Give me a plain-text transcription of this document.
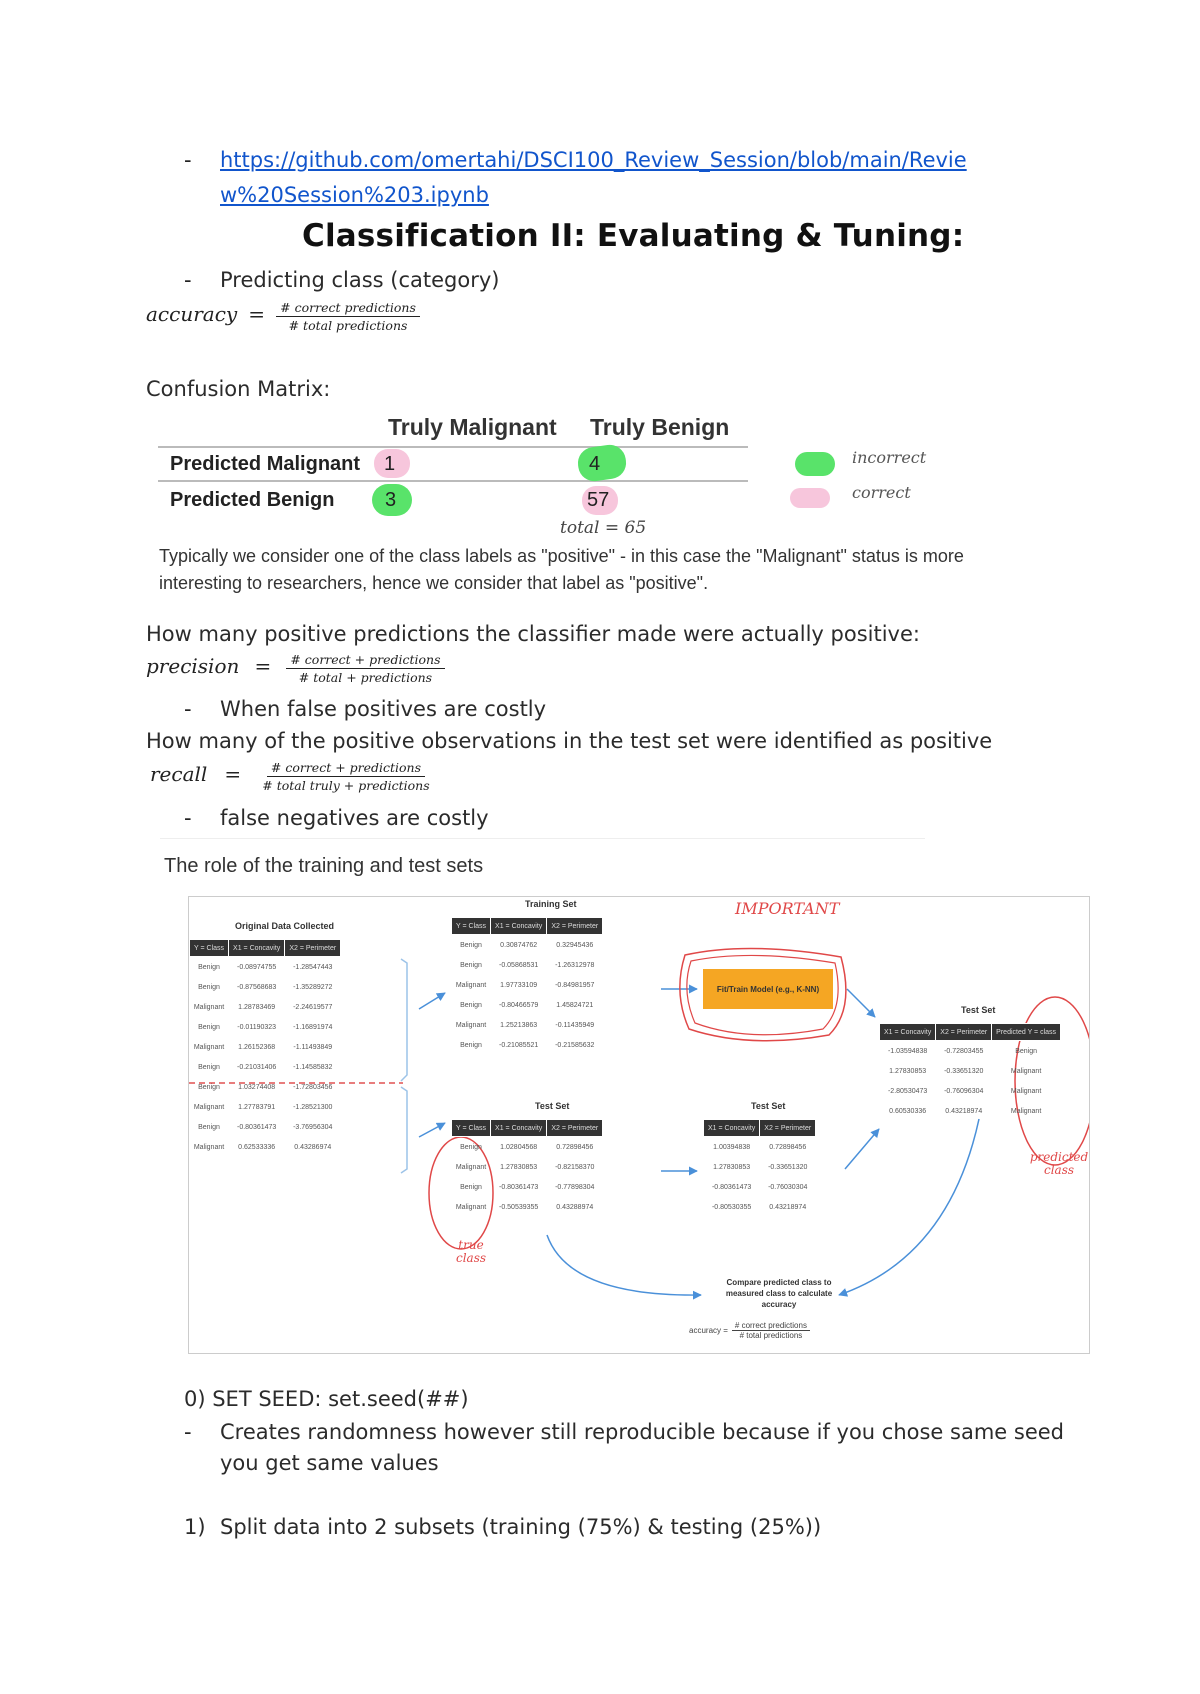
- https://github.com/omertahi/DSCI100_Review_Session/blob/main/Revie
w%20Session%203.ipynb
Classification II: Evaluating & Tuning:
- Predicting class (category)
accuracy = $\frac{\text{\# correct predictions}}{\text{\# total predictions}}$
Confusion Matrix:
Truly Malignant Truly Benign
Predicted Malignant 1	4
Predicted Benign	3	57
total = 65
incorrect
correct
Typically we consider one of the class labels as "positive" - in this case the "Malignant" status is more
interesting to researchers, hence we consider that label as "positive".
How many positive predictions the classifier made were actually positive:
precision = $\frac{\text{\# correct + predictions}}{\text{\# total + predictions}}$
- When false positives are costly
How many of the positive observations in the test set were identified as positive
recall = $\frac{\text{\# correct + predictions}}{\text{\# total truly + predictions}}$
- false negatives are costly
The role of the training and test sets
IMPORTANT
Original Data Collected
Y = Class	X1 = Concavity	X2 = Perimeter
Benign	-0.08974755	-1.28547443
Benign	-0.87568683	-1.35289272
Malignant	1.28783469	-2.24619577
Benign	-0.01190323	-1.16891974
Malignant	1.26152368	-1.11493849
Benign	-0.21031406	-1.14585832
Benign	1.03274408	-1.72803456
Malignant	1.27783791	-1.28521300
Benign	-0.80361473	-3.76956304
Malignant	0.62533336	0.43286974
Training Set
Y = Class	X1 = Concavity	X2 = Perimeter
Benign	0.30874762	0.32945436
Benign	-0.05868531	-1.26312978
Malignant	1.97733109	-0.84981957
Benign	-0.80466579	1.45824721
Malignant	1.25213863	-0.11435949
Benign	-0.21085521	-0.21585632
Fit/Train Model (e.g., K-NN)
Test Set
Y = Class	X1 = Concavity	X2 = Perimeter
Benign	1.02804568	0.72898456
Malignant	1.27830853	-0.82158370
Benign	-0.80361473	-0.77898304
Malignant	-0.50539355	0.43288974
true class
Test Set
X1 = Concavity	X2 = Perimeter
1.00394838	0.72898456
1.27830853	-0.33651320
-0.80361473	-0.76030304
-0.80530355	0.43218974
Test Set
X1 = Concavity	X2 = Perimeter	Predicted Y = class
-1.03594838	-0.72803455	Benign
1.27830853	-0.33651320	Malignant
-2.80530473	-0.76096304	Malignant
0.60530336	0.43218974	Malignant
predicted class
Compare predicted class to measured class to calculate accuracy
accuracy =
# correct predictions
# total predictions
0) SET SEED: set.seed(##)
- Creates randomness however still reproducible because if you chose same seed
you get same values
1) Split data into 2 subsets (training (75%) & testing (25%))
